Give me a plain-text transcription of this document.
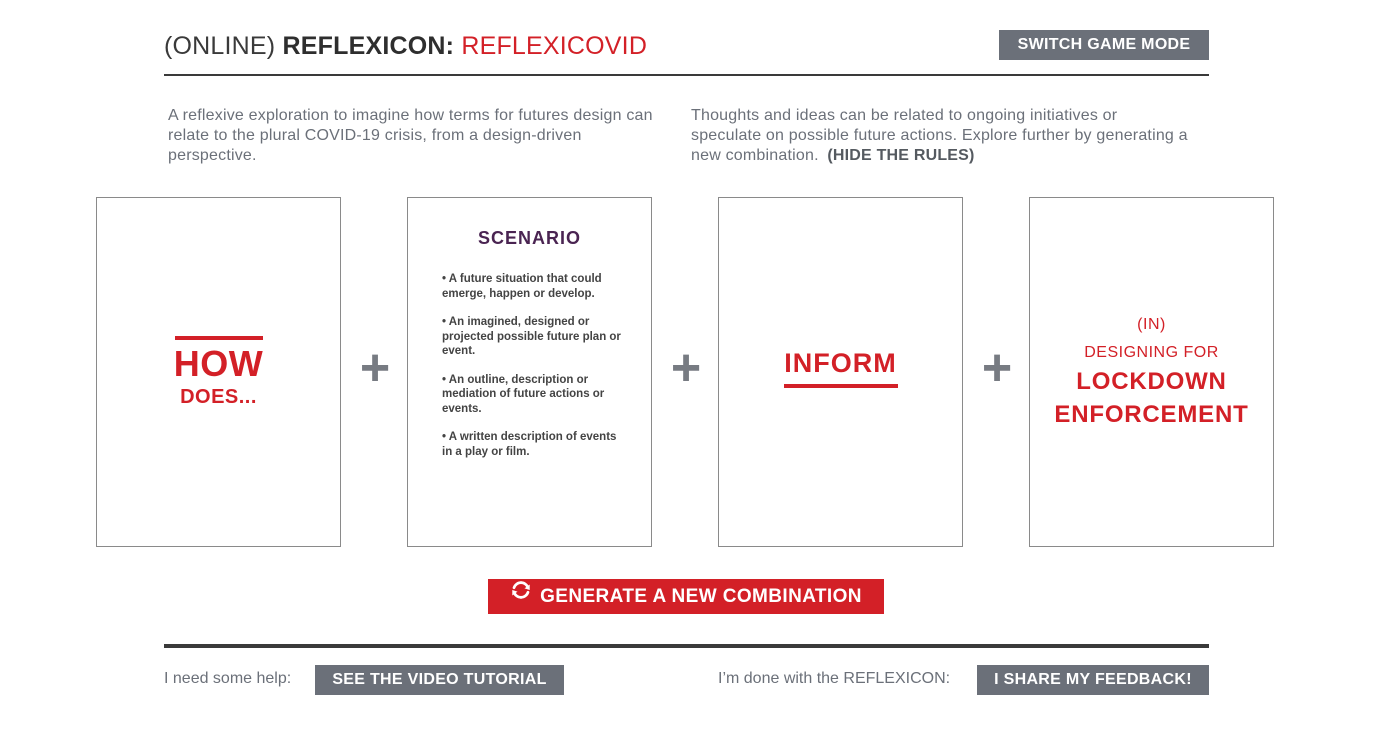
(ONLINE) REFLEXICON: REFLEXICOVID	SWITCH GAME MODE
A reflexive exploration to imagine how terms for futures design can relate to the plural COVID-19 crisis, from a design-driven perspective.
Thoughts and ideas can be related to ongoing initiatives or speculate on possible future actions. Explore further by generating a new combination. (HIDE THE RULES)
HOW
DOES...	+
SCENARIO
• A future situation that could emerge, happen or develop.
• An imagined, designed or projected possible future plan or event.
• An outline, description or mediation of future actions or events.
• A written description of events in a play or film.
+	INFORM	+
(IN)
DESIGNING FOR
LOCKDOWN
ENFORCEMENT
GENERATE A NEW COMBINATION
I need some help:	SEE THE VIDEO TUTORIAL	I’m done with the REFLEXICON:	I SHARE MY FEEDBACK!
